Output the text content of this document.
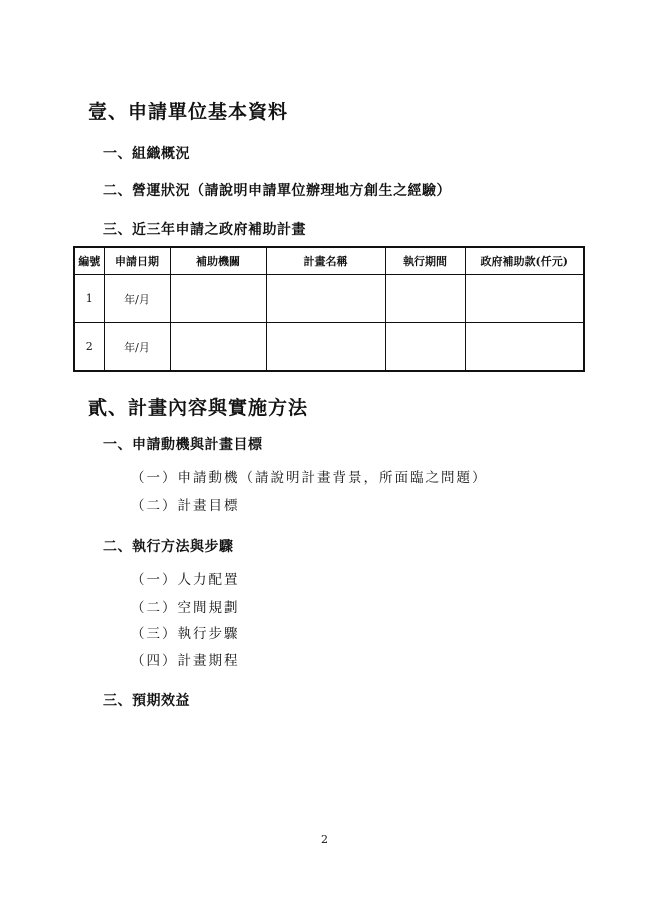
壹、申請單位基本資料
一、組織概況
二、營運狀況（請說明申請單位辦理地方創生之經驗）
三、近三年申請之政府補助計畫
編號	申請日期	補助機關	計畫名稱	執行期間	政府補助款(仟元)
1	年/月				
2	年/月				
貳、計畫內容與實施方法
一、申請動機與計畫目標
（一）申請動機（請說明計畫背景，所面臨之問題）
（二）計畫目標
二、執行方法與步驟
（一）人力配置
（二）空間規劃
（三）執行步驟
（四）計畫期程
三、預期效益
2
